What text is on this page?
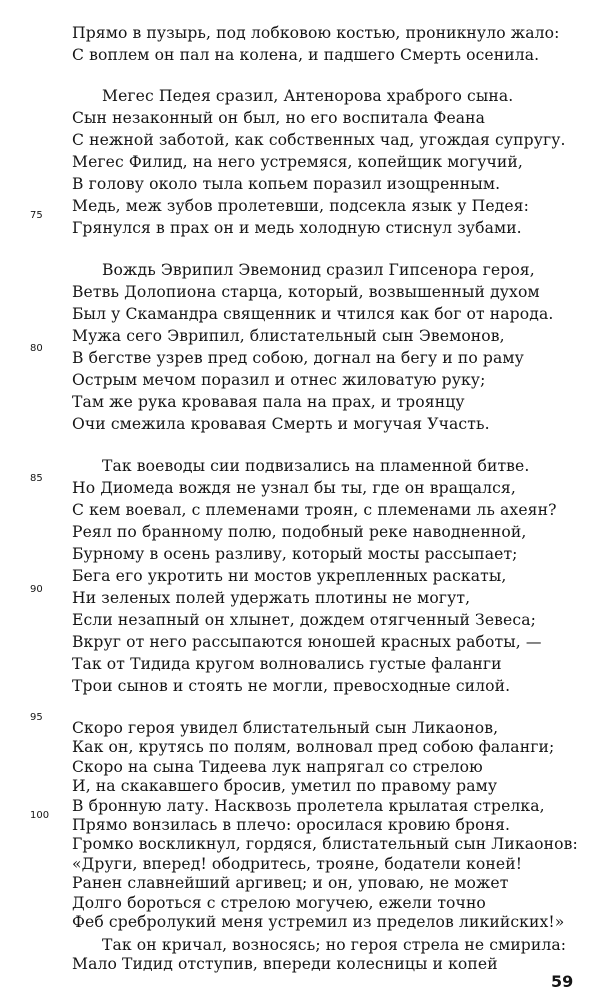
Прямо в пузырь, под лобковою костью, проникнуло жало:

С воплем он пал на колена, и падшего Смерть осенила.

Мегес Педея сразил, Антенорова храброго сына.

Сын незаконный он был, но его воспитала Феана

С нежной заботой, как собственных чад, угождая супругу.

Мегес Филид, на него устремяся, копейщик могучий,

В голову около тыла копьем поразил изощренным.

Медь, меж зубов пролетевши, подсекла язык у Педея:

75

Грянулся в прах он и медь холодную стиснул зубами.

Вождь Эврипил Эвемонид сразил Гипсенора героя,

Ветвь Долопиона старца, который, возвышенный духом

Был у Скамандра священник и чтился как бог от народа.

Мужа сего Эврипил, блистательный сын Эвемонов,

80

В бегстве узрев пред собою, догнал на бегу и по раму

Острым мечом поразил и отнес жиловатую руку;

Там же рука кровавая пала на прах, и троянцу

Очи смежила кровавая Смерть и могучая Участь.

Так воеводы сии подвизались на пламенной битве.

85

Но Диомеда вождя не узнал бы ты, где он вращался,

С кем воевал, с племенами троян, с племенами ль ахеян?

Реял по бранному полю, подобный реке наводненной,

Бурному в осень разливу, который мосты рассыпает;

Бега его укротить ни мостов укрепленных раскаты,

90 Ни зеленых полей удержать плотины не могут,

Если незапный он хлынет, дождем отягченный Зевеса;

Вкруг от него рассыпаются юношей красных работы, —

Так от Тидида кругом волновались густые фаланги

Трои сынов и стоять не могли, превосходные силой.

95

Скоро героя увидел блистательный сын Ликаонов,

Как он, крутясь по полям, волновал пред собою фаланги;

Скоро на сына Тидеева лук напрягал со стрелою

И, на скакавшего бросив, уметил по правому раму

В бронную лату. Насквозь пролетела крылатая стрелка,

100

Прямо вонзилась в плечо: оросилася кровию броня.

Громко воскликнул, гордяся, блистательный сын Ликаонов:

«Други, вперед! ободритесь, трояне, бодатели коней!

Ранен славнейший аргивец; и он, уповаю, не может

Долго бороться с стрелою могучею, ежели точно

Феб сребролукий меня устремил из пределов ликийских!»

59

Так он кричал, возносясь; но героя стрела не смирила:

Мало Тидид отступив, впереди колесницы и копей
